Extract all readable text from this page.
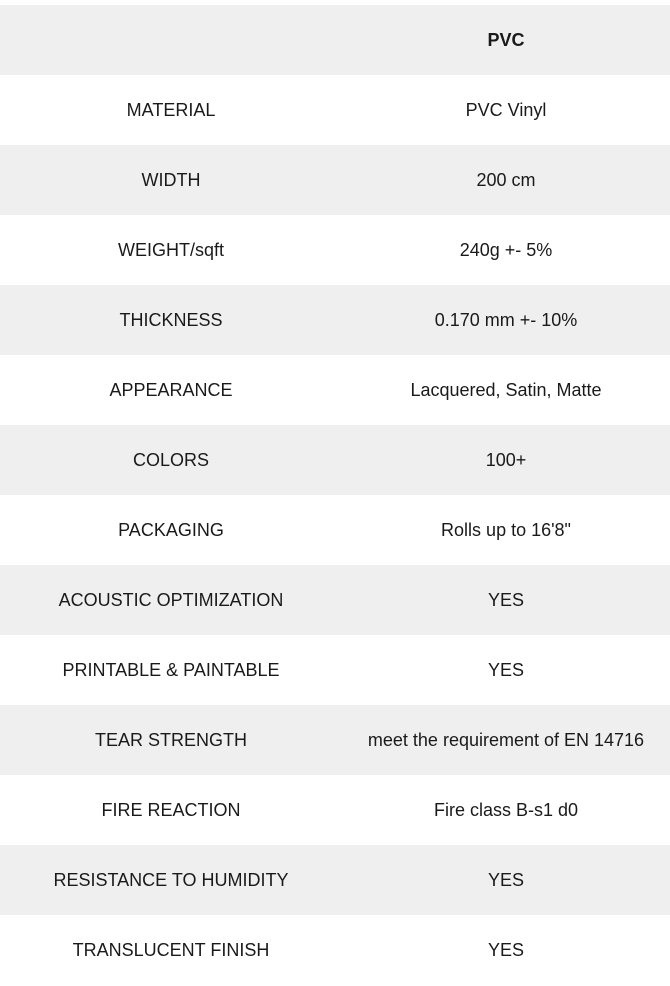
PVC
MATERIAL	PVC Vinyl
WIDTH	200 cm
WEIGHT/sqft	240g +- 5%
THICKNESS	0.170 mm +- 10%
APPEARANCE	Lacquered, Satin, Matte
COLORS	100+
PACKAGING	Rolls up to 16'8"
ACOUSTIC OPTIMIZATION	YES
PRINTABLE & PAINTABLE	YES
TEAR STRENGTH	meet the requirement of EN 14716
FIRE REACTION	Fire class B-s1 d0
RESISTANCE TO HUMIDITY	YES
TRANSLUCENT FINISH	YES
